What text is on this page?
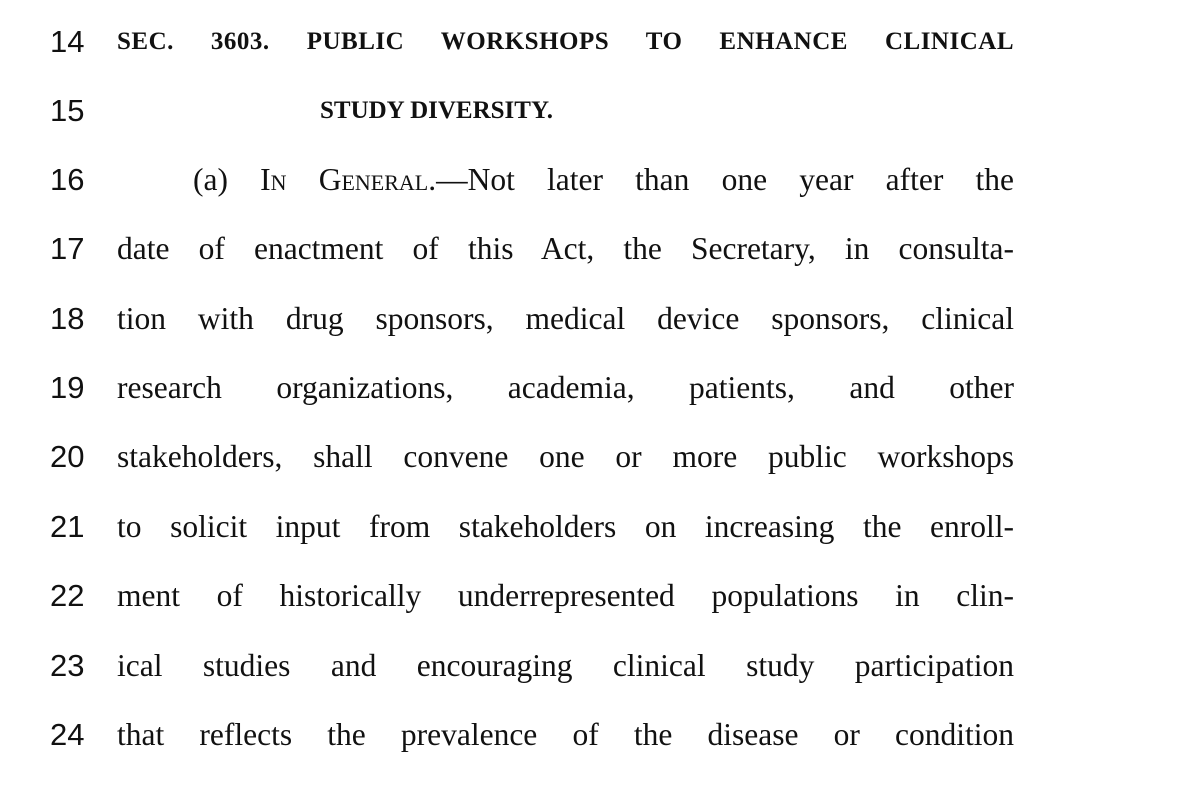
14	SEC. 3603. PUBLIC WORKSHOPS TO ENHANCE CLINICAL
15	STUDY DIVERSITY.
16	(a) In General.—Not later than one year after the
17 date of enactment of this Act, the Secretary, in consulta-
18 tion with drug sponsors, medical device sponsors, clinical
19 research organizations, academia, patients, and other
20 stakeholders, shall convene one or more public workshops
21 to solicit input from stakeholders on increasing the enroll-
22 ment of historically underrepresented populations in clin-
23 ical studies and encouraging clinical study participation
24 that reflects the prevalence of the disease or condition
